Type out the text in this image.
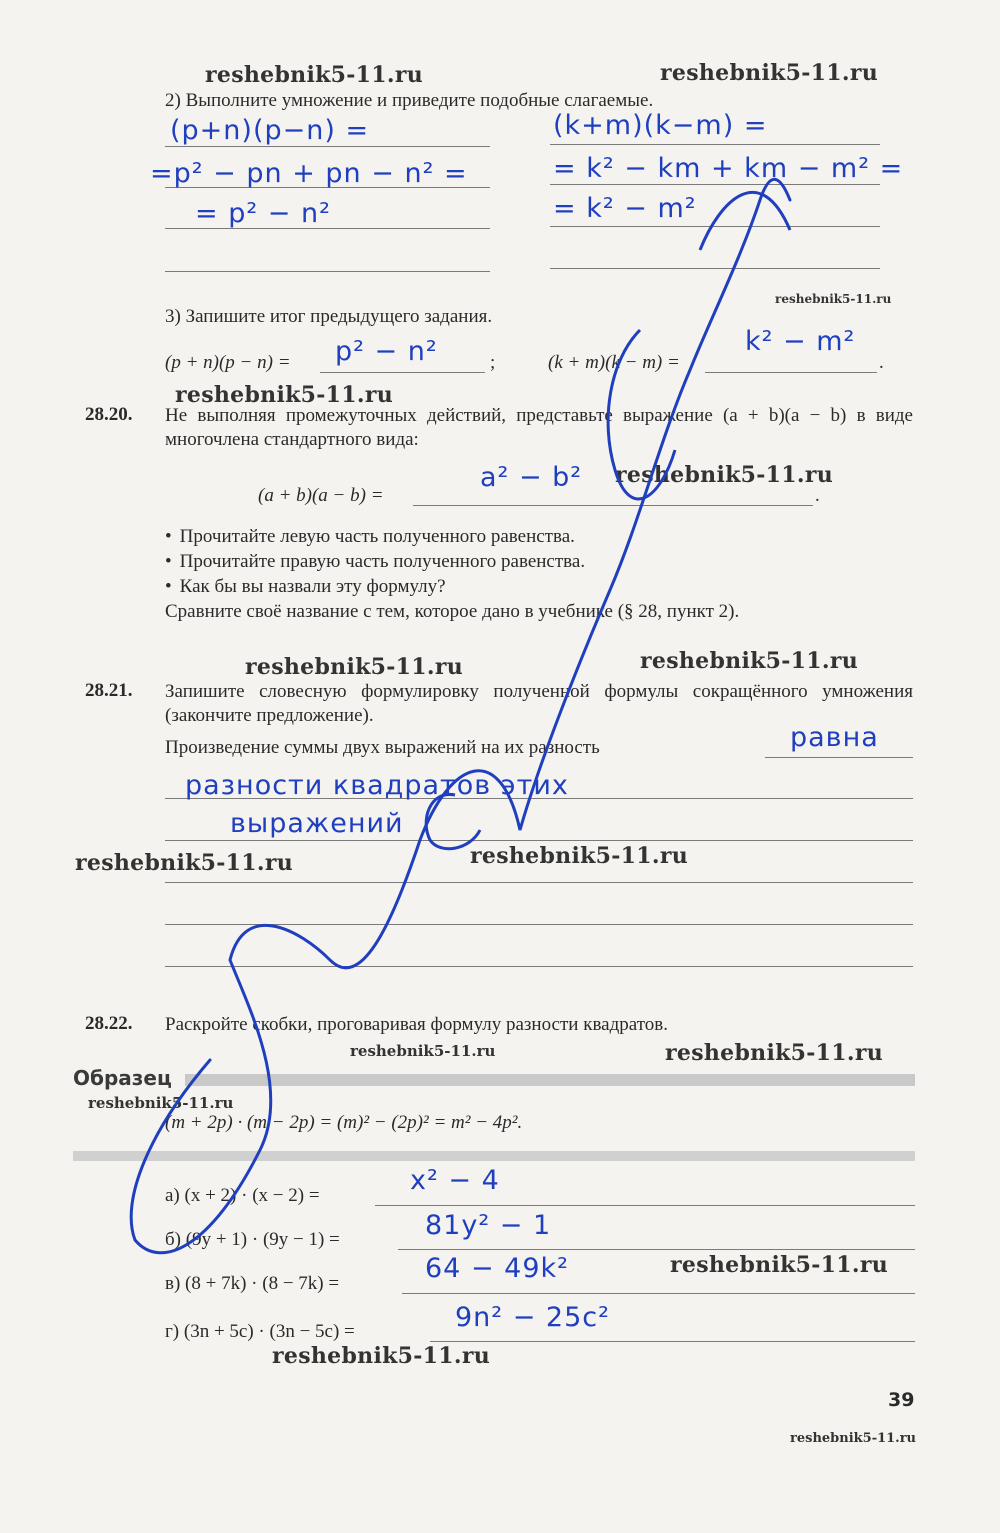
reshebnik5-11.ru	reshebnik5-11.ru
2) Выполните умножение и приведите подобные слагаемые.
(p+n)(p−n) =
=p² − pn + pn − n² =
= p² − n²
(k+m)(k−m) =
= k² − km + km − m² =
= k² − m²
reshebnik5-11.ru
3) Запишите итог предыдущего задания.
(p + n)(p − n) =	;
p² − n²	(k + m)(k − m) =	.
k² − m²
reshebnik5-11.ru
28.20. Не выполняя промежуточных действий, представьте выражение (a + b)(a − b) в виде многочлена стандартного вида:
(a + b)(a − b) =	.
a² − b² reshebnik5-11.ru
• Прочитайте левую часть полученного равенства.
• Прочитайте правую часть полученного равенства.
• Как бы вы назвали эту формулу?
Сравните своё название с тем, которое дано в учебнике (§ 28, пункт 2).
reshebnik5-11.ru	reshebnik5-11.ru
28.21. Запишите словесную формулировку полученной формулы сокращённого умножения (закончите предложение).
Произведение суммы двух выражений на их разность	равна
разности квадратов этих
выражений
reshebnik5-11.ru	reshebnik5-11.ru
28.22. Раскройте скобки, проговаривая формулу разности квадратов.
reshebnik5-11.ru	reshebnik5-11.ru
Образец
reshebnik5-11.ru
(m + 2p) · (m − 2p) = (m)² − (2p)² = m² − 4p².
а) (x + 2) · (x − 2) =	x² − 4
б) (9y + 1) · (9y − 1) =	81y² − 1
в) (8 + 7k) · (8 − 7k) =	64 − 49k²	reshebnik5-11.ru
г) (3n + 5c) · (3n − 5c) =	9n² − 25c²
reshebnik5-11.ru
39
reshebnik5-11.ru
